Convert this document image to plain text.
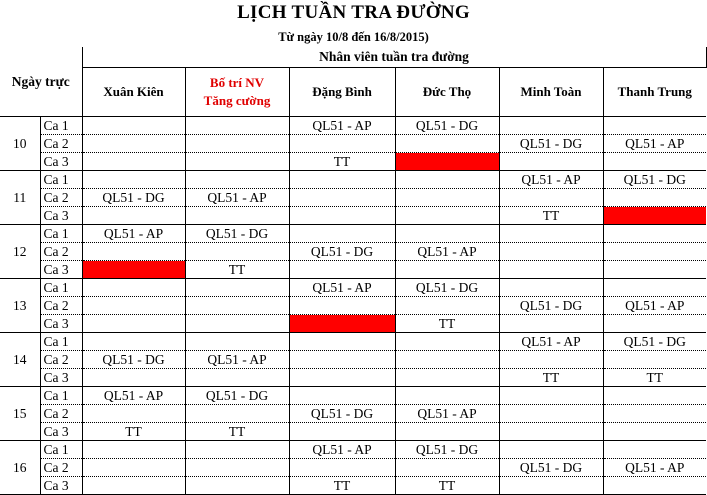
LỊCH TUẦN TRA ĐƯỜNG
Từ ngày 10/8 đến 16/8/2015)
Ngày trực		Nhân viên tuần tra đường					
		Xuân Kiên	Bố trí NV
Tăng cường	Đặng Bình	Đức Thọ	Minh Toàn	Thanh Trung
10	Ca 1			QL51 - AP	QL51 - DG		
	Ca 2					QL51 - DG	QL51 - AP
	Ca 3			TT			
11	Ca 1					QL51 - AP	QL51 - DG
	Ca 2	QL51 - DG	QL51 - AP				
	Ca 3					TT	
12	Ca 1	QL51 - AP	QL51 - DG				
	Ca 2			QL51 - DG	QL51 - AP		
	Ca 3		TT				
13	Ca 1			QL51 - AP	QL51 - DG		
	Ca 2					QL51 - DG	QL51 - AP
	Ca 3				TT		
14	Ca 1					QL51 - AP	QL51 - DG
	Ca 2	QL51 - DG	QL51 - AP				
	Ca 3					TT	TT
15	Ca 1	QL51 - AP	QL51 - DG				
	Ca 2			QL51 - DG	QL51 - AP		
	Ca 3	TT	TT				
16	Ca 1			QL51 - AP	QL51 - DG		
	Ca 2					QL51 - DG	QL51 - AP
	Ca 3			TT	TT		
